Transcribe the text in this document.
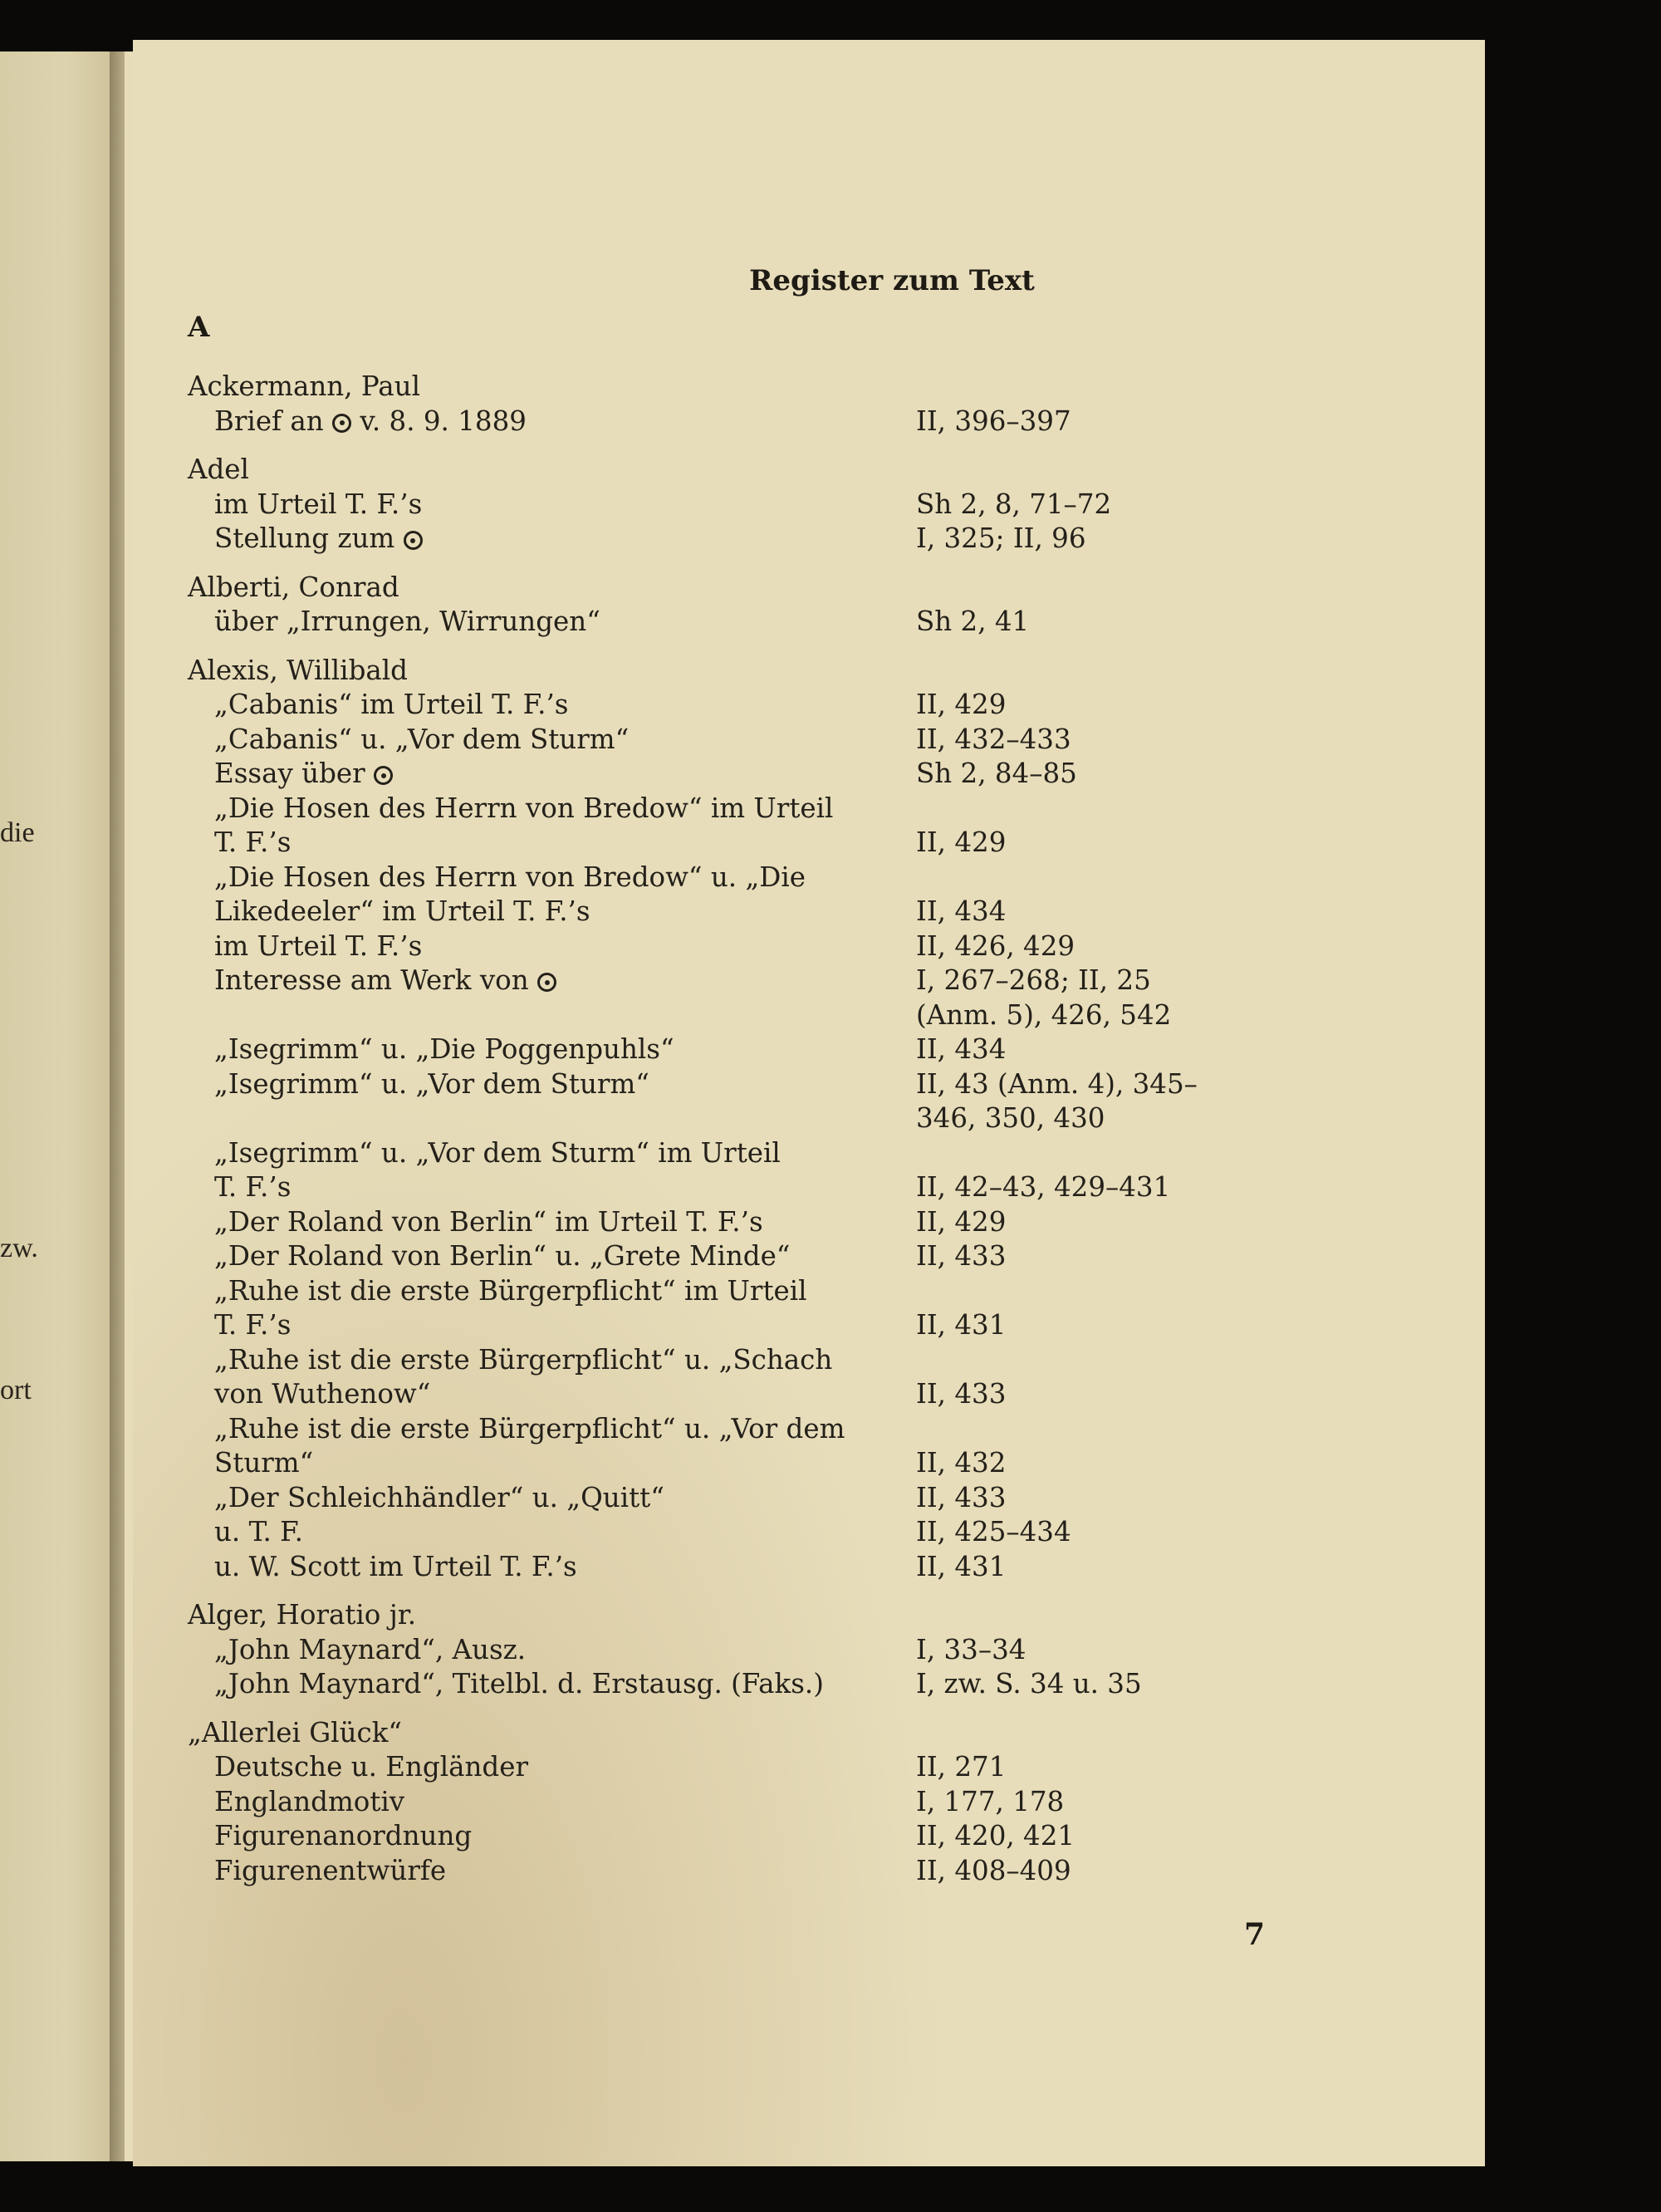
die
zw.
ort
Register zum Text
A
Ackermann, Paul
Brief an  v. 8. 9. 1889	II, 396–397
Adel
im Urteil T. F.’s	Sh 2, 8, 71–72
Stellung zum	I, 325; II, 96
Alberti, Conrad
über „Irrungen, Wirrungen“	Sh 2, 41
Alexis, Willibald
„Cabanis“ im Urteil T. F.’s	II, 429
„Cabanis“ u. „Vor dem Sturm“	II, 432–433
Essay über	Sh 2, 84–85
„Die Hosen des Herrn von Bredow“ im Urteil
T. F.’s	II, 429
„Die Hosen des Herrn von Bredow“ u. „Die
Likedeeler“ im Urteil T. F.’s	II, 434
im Urteil T. F.’s	II, 426, 429
Interesse am Werk von	I, 267–268; II, 25
(Anm. 5), 426, 542
„Isegrimm“ u. „Die Poggenpuhls“	II, 434
„Isegrimm“ u. „Vor dem Sturm“	II, 43 (Anm. 4), 345–
346, 350, 430
„Isegrimm“ u. „Vor dem Sturm“ im Urteil
T. F.’s	II, 42–43, 429–431
„Der Roland von Berlin“ im Urteil T. F.’s	II, 429
„Der Roland von Berlin“ u. „Grete Minde“	II, 433
„Ruhe ist die erste Bürgerpflicht“ im Urteil
T. F.’s	II, 431
„Ruhe ist die erste Bürgerpflicht“ u. „Schach
von Wuthenow“	II, 433
„Ruhe ist die erste Bürgerpflicht“ u. „Vor dem
Sturm“	II, 432
„Der Schleichhändler“ u. „Quitt“	II, 433
u. T. F.	II, 425–434
u. W. Scott im Urteil T. F.’s	II, 431
Alger, Horatio jr.
„John Maynard“, Ausz.	I, 33–34
„John Maynard“, Titelbl. d. Erstausg. (Faks.)	I, zw. S. 34 u. 35
„Allerlei Glück“
Deutsche u. Engländer	II, 271
Englandmotiv	I, 177, 178
Figurenanordnung	II, 420, 421
Figurenentwürfe	II, 408–409
7
